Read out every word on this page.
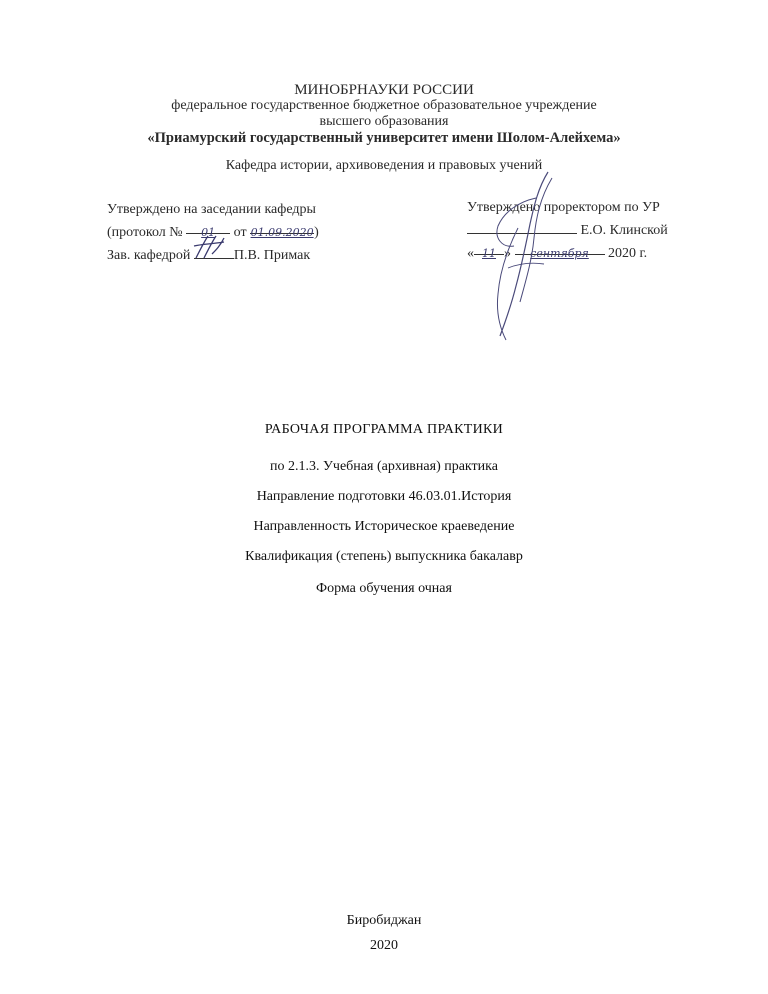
МИНОБРНАУКИ РОССИИ
федеральное государственное бюджетное образовательное учреждение
высшего образования
«Приамурский государственный университет имени Шолом-Алейхема»
Кафедра истории, архивоведения и правовых учений
Утверждено на заседании кафедры
(протокол № 01 от 01.09.2020)
Зав. кафедрой	П.В. Примак
Утверждено проректором по УР
Е.О. Клинской
« 11 » сентября 2020 г.
РАБОЧАЯ ПРОГРАММА ПРАКТИКИ
по 2.1.3. Учебная (архивная) практика
Направление подготовки 46.03.01.История
Направленность Историческое краеведение
Квалификация (степень) выпускника бакалавр
Форма обучения очная
Биробиджан
2020
